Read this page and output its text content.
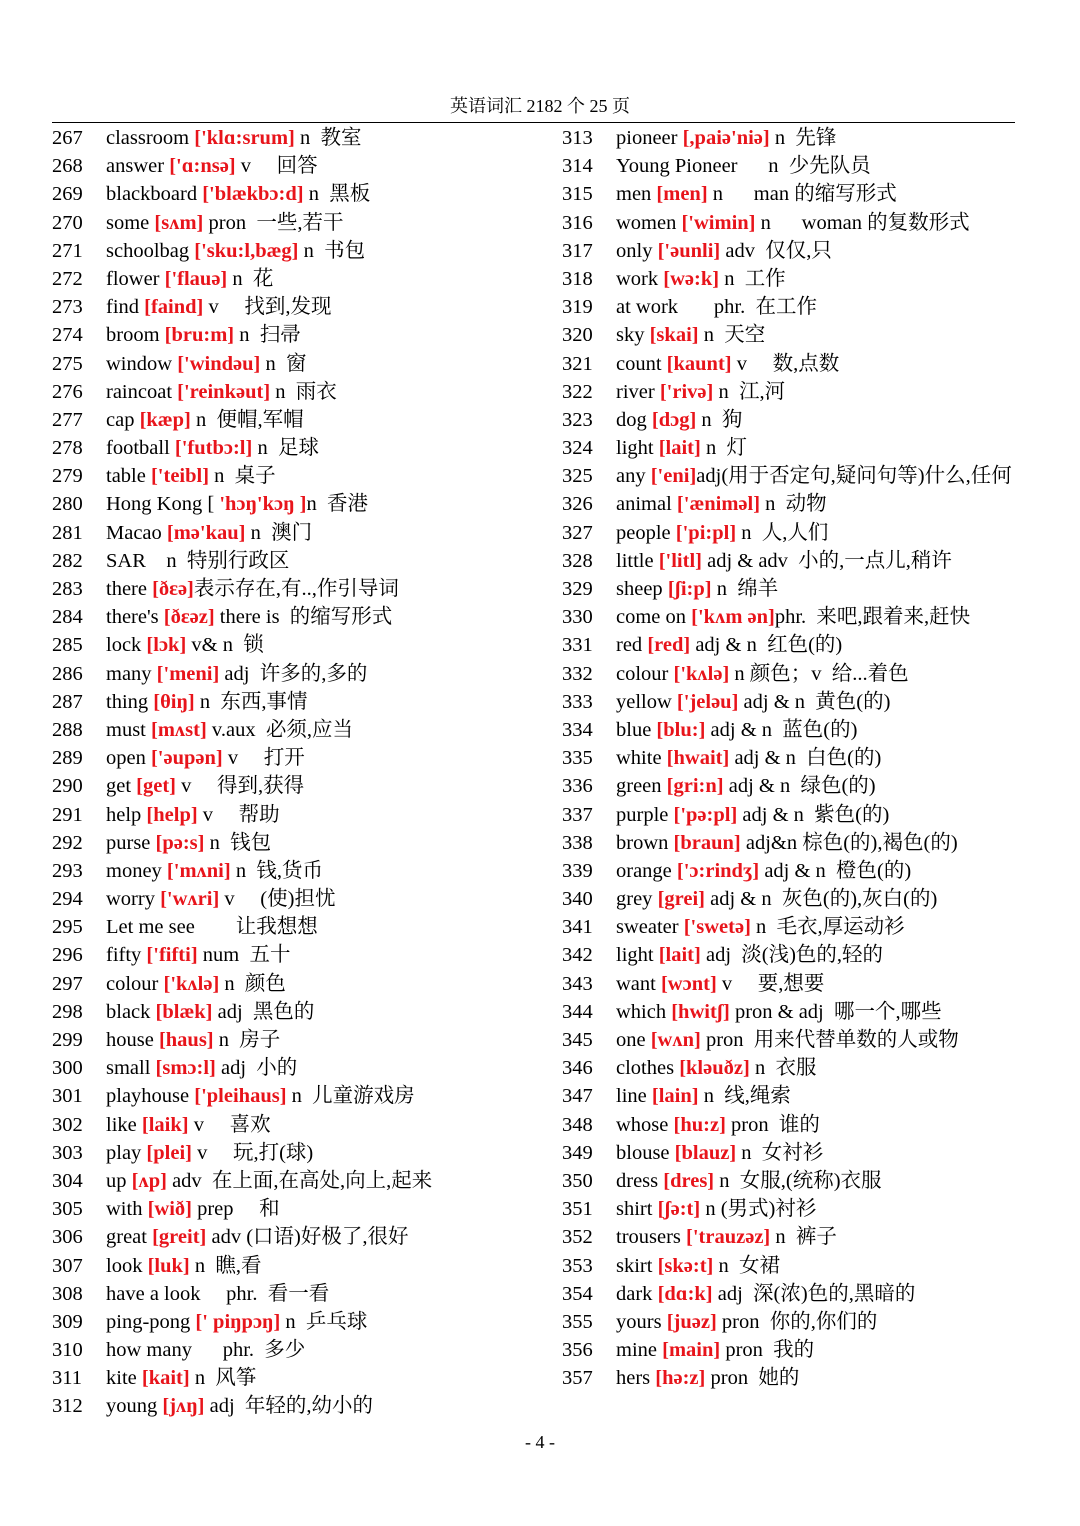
英语词汇 2182 个 25 页
267 classroom ['klɑ:srum] n  教室
268 answer ['ɑ:nsə] v     回答
269 blackboard ['blækbɔ:d] n  黑板
270 some [sʌm] pron  一些,若干
271 schoolbag ['sku:l,bæg] n  书包
272 flower ['flauə] n  花
273 find [faind] v     找到,发现
274 broom [bru:m] n  扫帚
275 window ['windəu] n  窗
276 raincoat ['reinkəut] n  雨衣
277 cap [kæp] n  便帽,军帽
278 football ['futbɔ:l] n  足球
279 table ['teibl] n  桌子
280 Hong Kong [ 'hɔŋ'kɔŋ ]n  香港
281 Macao [mə'kau] n  澳门
282 SAR    n  特别行政区
283 there [ðɛə]表示存在,有..,作引导词
284 there's [ðɛəz] there is  的缩写形式
285 lock [lɔk] v& n  锁
286 many ['meni] adj  许多的,多的
287 thing [θiŋ] n  东西,事情
288 must [mʌst] v.aux  必须,应当
289 open ['əupən] v     打开
290 get [get] v     得到,获得
291 help [help] v     帮助
292 purse [pə:s] n  钱包
293 money ['mʌni] n  钱,货币
294 worry ['wʌri] v     (使)担忧
295 Let me see        让我想想
296 fifty ['fifti] num  五十
297 colour ['kʌlə] n  颜色
298 black [blæk] adj  黑色的
299 house [haus] n  房子
300 small [smɔ:l] adj  小的
301 playhouse ['pleihaus] n  儿童游戏房
302 like [laik] v     喜欢
303 play [plei] v     玩,打(球)
304 up [ʌp] adv  在上面,在高处,向上,起来
305 with [wið] prep     和
306 great [greit] adv (口语)好极了,很好
307 look [luk] n  瞧,看
308 have a look     phr.  看一看
309 ping-pong [' piŋpɔŋ] n  乒乓球
310 how many      phr.  多少
311 kite [kait] n  风筝
312 young [jʌŋ] adj  年轻的,幼小的
313 pioneer [,paiə'niə] n  先锋
314 Young Pioneer      n  少先队员
315 men [men] n      man 的缩写形式
316 women ['wimin] n      woman 的复数形式
317 only ['əunli] adv  仅仅,只
318 work [wə:k] n  工作
319 at work       phr.  在工作
320 sky [skai] n  天空
321 count [kaunt] v     数,点数
322 river ['rivə] n  江,河
323 dog [dɔg] n  狗
324 light [lait] n  灯
325 any ['eni]adj(用于否定句,疑问句等)什么,任何
326 animal ['æniməl] n  动物
327 people ['pi:pl] n  人,人们
328 little ['litl] adj & adv  小的,一点儿,稍许
329 sheep [ʃi:p] n  绵羊
330 come on ['kʌm ən]phr.  来吧,跟着来,赶快
331 red [red] adj & n  红色(的)
332 colour ['kʌlə] n 颜色；v  给...着色
333 yellow ['jeləu] adj & n  黄色(的)
334 blue [blu:] adj & n  蓝色(的)
335 white [hwait] adj & n  白色(的)
336 green [gri:n] adj & n  绿色(的)
337 purple ['pə:pl] adj & n  紫色(的)
338 brown [braun] adj&n 棕色(的),褐色(的)
339 orange ['ɔ:rindʒ] adj & n  橙色(的)
340 grey [grei] adj & n  灰色(的),灰白(的)
341 sweater ['swetə] n  毛衣,厚运动衫
342 light [lait] adj  淡(浅)色的,轻的
343 want [wɔnt] v     要,想要
344 which [hwitʃ] pron & adj  哪一个,哪些
345 one [wʌn] pron  用来代替单数的人或物
346 clothes [kləuðz] n  衣服
347 line [lain] n  线,绳索
348 whose [hu:z] pron  谁的
349 blouse [blauz] n  女衬衫
350 dress [dres] n  女服,(统称)衣服
351 shirt [ʃə:t] n (男式)衬衫
352 trousers ['trauzəz] n  裤子
353 skirt [skə:t] n  女裙
354 dark [dɑ:k] adj  深(浓)色的,黑暗的
355 yours [juəz] pron  你的,你们的
356 mine [main] pron  我的
357 hers [hə:z] pron  她的
- 4 -
